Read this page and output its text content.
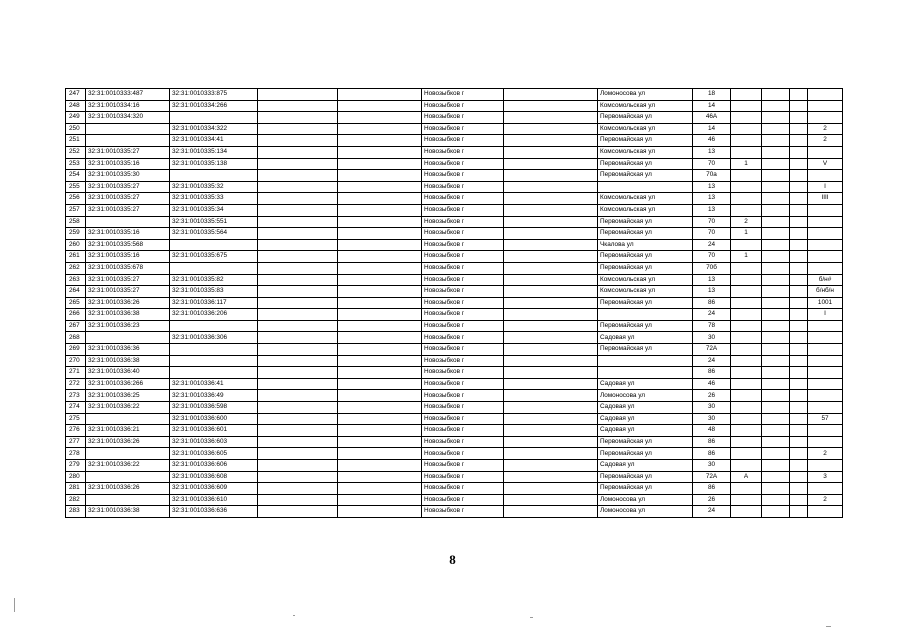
247	32:31:0010333:487	32:31:0010333:875			Новозыбков г		Ломоносова ул	18				
248	32:31:0010334:16	32:31:0010334:266			Новозыбков г		Комсомольская ул	14				
249	32:31:0010334:320				Новозыбков г		Первомайская ул	46А				
250		32:31:0010334:322			Новозыбков г		Комсомольская ул	14				2
251		32:31:0010334:41			Новозыбков г		Первомайская ул	46				2
252	32:31:0010335:27	32:31:0010335:134			Новозыбков г		Комсомольская ул	13				
253	32:31:0010335:16	32:31:0010335:138			Новозыбков г		Первомайская ул	70	1			V
254	32:31:0010335:30				Новозыбков г		Первомайская ул	70а				
255	32:31:0010335:27	32:31:0010335:32			Новозыбков г			13				I
256	32:31:0010335:27	32:31:0010335:33			Новозыбков г		Комсомольская ул	13				IIII
257	32:31:0010335:27	32:31:0010335:34			Новозыбков г		Комсомольская ул	13				
258		32:31:0010335:551			Новозыбков г		Первомайская ул	70	2			
259	32:31:0010335:16	32:31:0010335:564			Новозыбков г		Первомайская ул	70	1			
260	32:31:0010335:568				Новозыбков г		Чкалова ул	24				
261	32:31:0010335:16	32:31:0010335:675			Новозыбков г		Первомайская ул	70	1			
262	32:31:0010335:678				Новозыбков г		Первомайская ул	70б				
263	32:31:0010335:27	32:31:0010335:82			Новозыбков г		Комсомольская ул	13				б/н#
264	32:31:0010335:27	32:31:0010335:83			Новозыбков г		Комсомольская ул	13				б/нб/н
265	32:31:0010336:26	32:31:0010336:117			Новозыбков г		Первомайская ул	86				1001
266	32:31:0010336:38	32:31:0010336:206			Новозыбков г			24				I
267	32:31:0010336:23				Новозыбков г		Первомайская ул	78				
268		32:31:0010336:306			Новозыбков г		Садовая ул	30				
269	32:31:0010336:36				Новозыбков г		Первомайская ул	72А				
270	32:31:0010336:38				Новозыбков г			24				
271	32:31:0010336:40				Новозыбков г			86				
272	32:31:0010336:266	32:31:0010336:41			Новозыбков г		Садовая ул	46				
273	32:31:0010336:25	32:31:0010336:49			Новозыбков г		Ломоносова ул	26				
274	32:31:0010336:22	32:31:0010336:598			Новозыбков г		Садовая ул	30				
275		32:31:0010336:600			Новозыбков г		Садовая ул	30				57
276	32:31:0010336:21	32:31:0010336:601			Новозыбков г		Садовая ул	48				
277	32:31:0010336:26	32:31:0010336:603			Новозыбков г		Первомайская ул	86				
278		32:31:0010336:605			Новозыбков г		Первомайская ул	86				2
279	32:31:0010336:22	32:31:0010336:606			Новозыбков г		Садовая ул	30				
280		32:31:0010336:608			Новозыбков г		Первомайская ул	72А	А			3
281	32:31:0010336:26	32:31:0010336:609			Новозыбков г		Первомайская ул	86				
282		32:31:0010336:610			Новозыбков г		Ломоносова ул	26				2
283	32:31:0010336:38	32:31:0010336:636			Новозыбков г		Ломоносова ул	24				
8
